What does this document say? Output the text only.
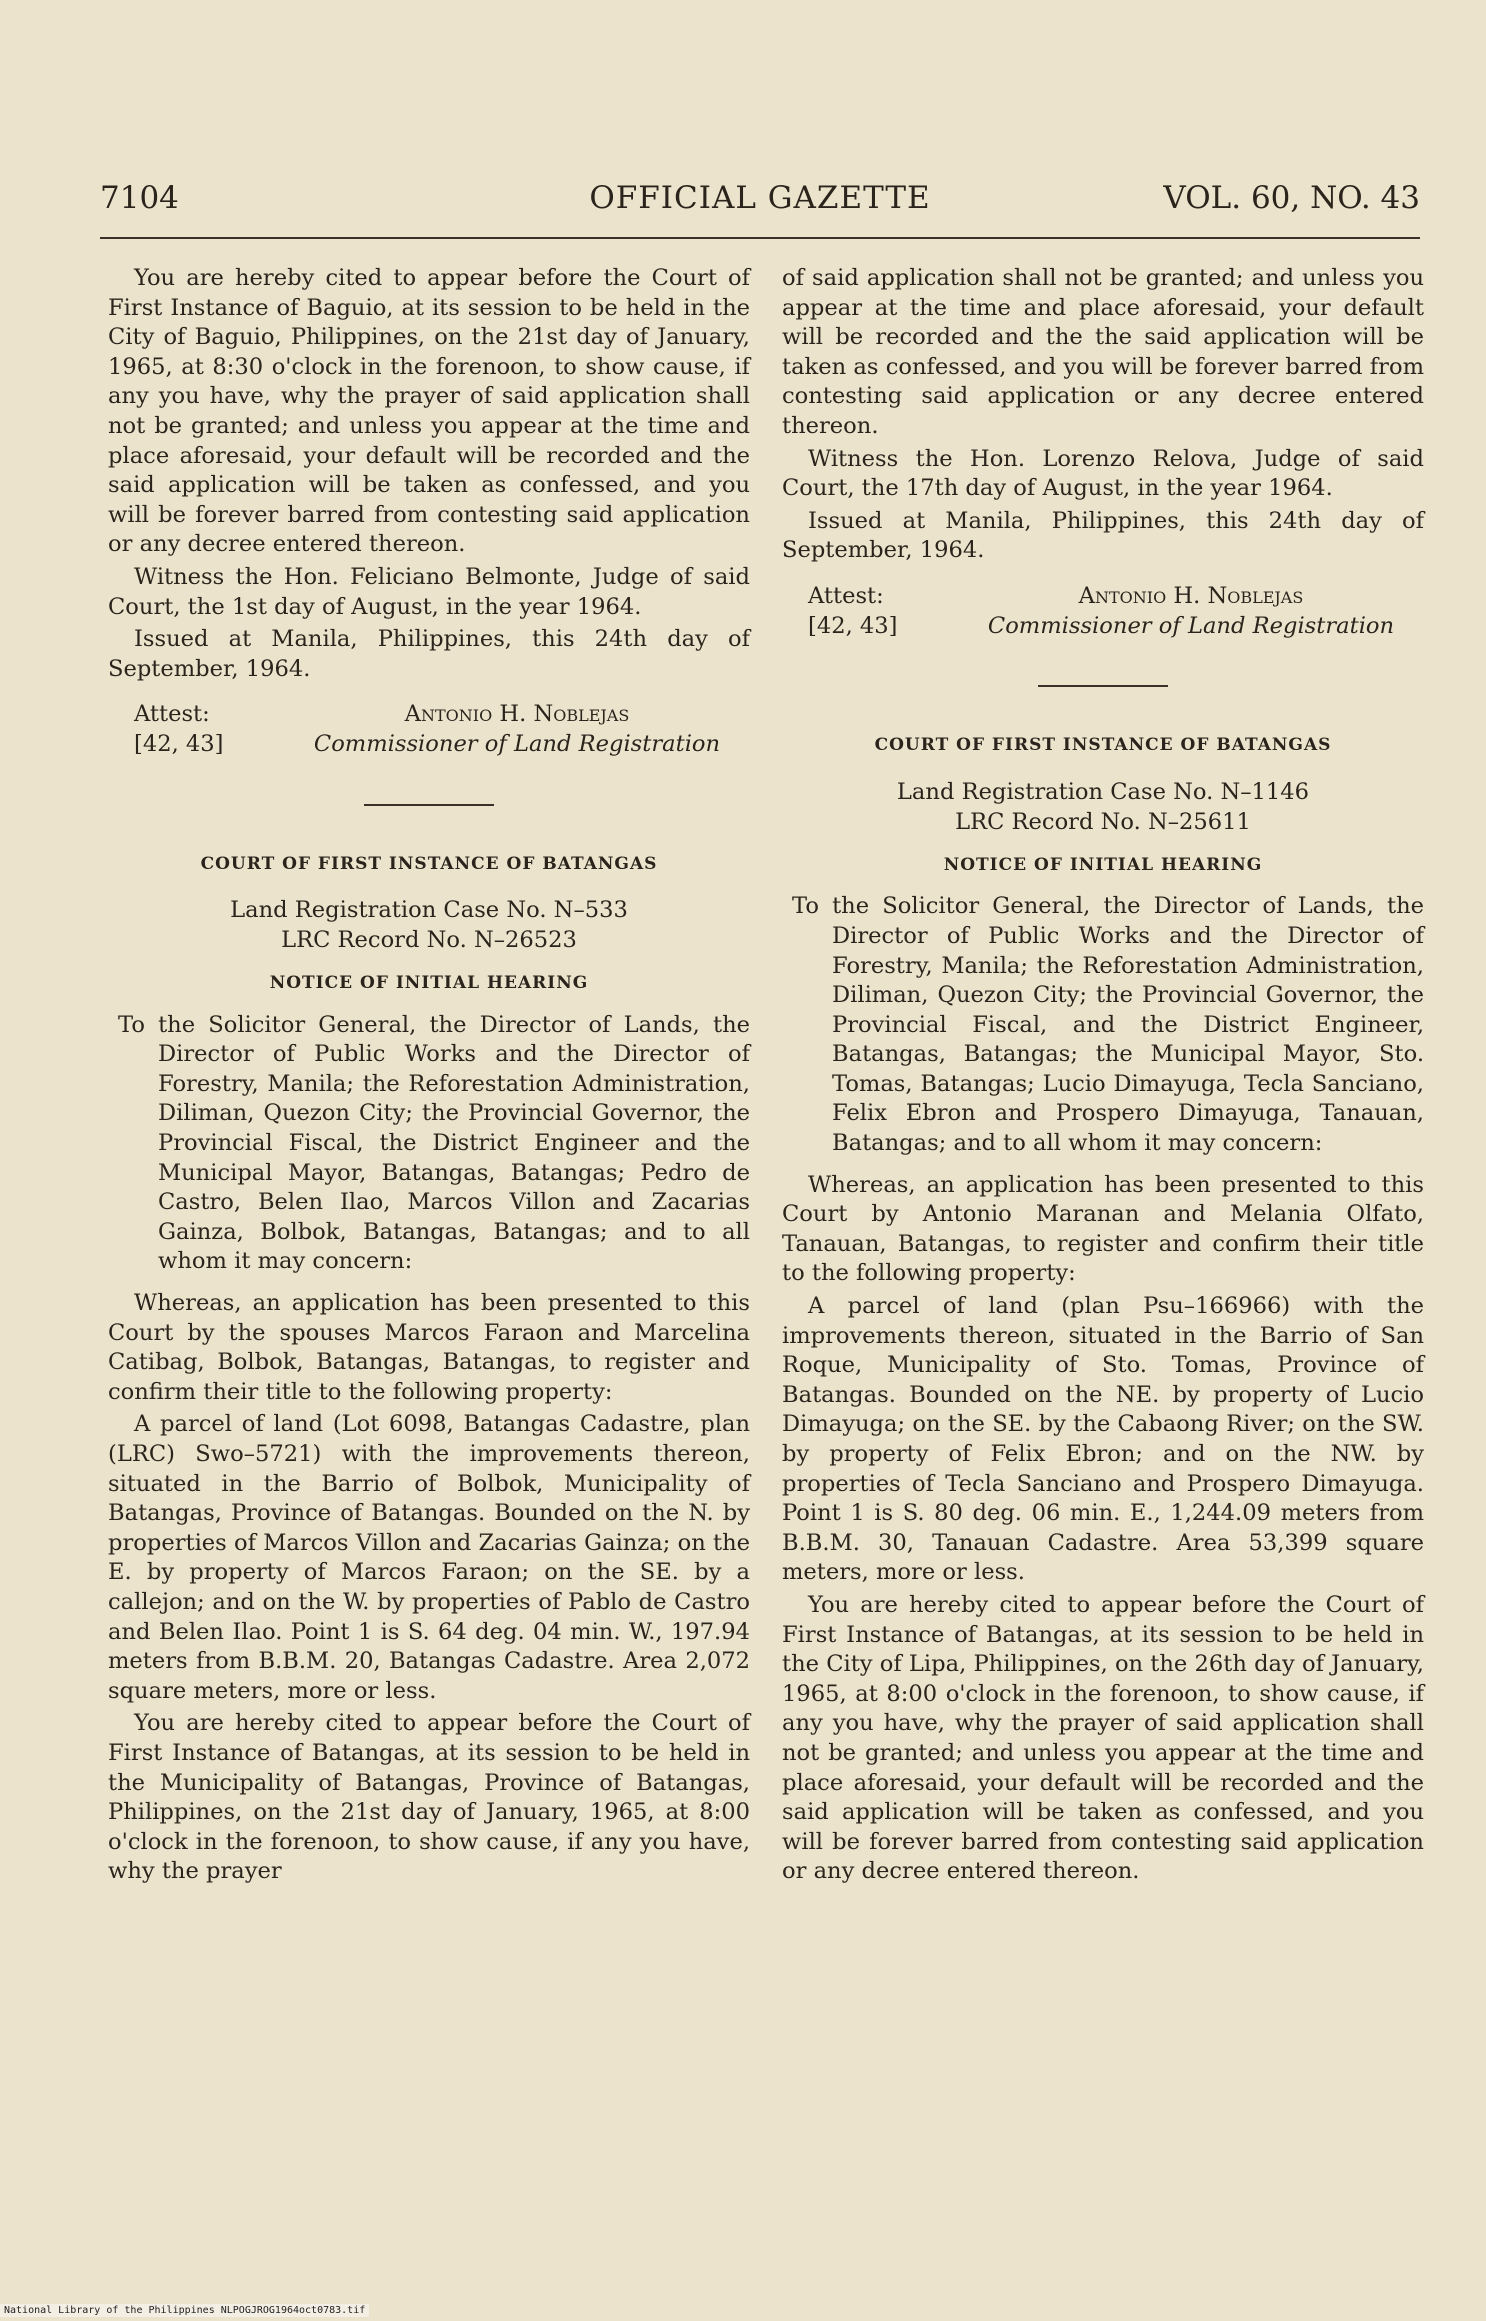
7104	OFFICIAL GAZETTE	VOL. 60, NO. 43

You are hereby cited to appear before the Court of First Instance of Baguio, at its session to be held in the City of Baguio, Philippines, on the 21st day of January, 1965, at 8:30 o'clock in the forenoon, to show cause, if any you have, why the prayer of said application shall not be granted; and unless you appear at the time and place aforesaid, your default will be recorded and the said application will be taken as confessed, and you will be forever barred from contesting said application or any decree entered thereon.

Witness the Hon. Feliciano Belmonte, Judge of said Court, the 1st day of August, in the year 1964.

Issued at Manila, Philippines, this 24th day of September, 1964.

Attest:
[42, 43]
Antonio H. Noblejas
Commissioner of Land Registration
COURT OF FIRST INSTANCE OF BATANGAS

Land Registration Case No. N–533

LRC Record No. N–26523

NOTICE OF INITIAL HEARING

To the Solicitor General, the Director of Lands, the Director of Public Works and the Director of Forestry, Manila; the Reforestation Administration, Diliman, Quezon City; the Provincial Governor, the Provincial Fiscal, the District Engineer and the Municipal Mayor, Batangas, Batangas; Pedro de Castro, Belen Ilao, Marcos Villon and Zacarias Gainza, Bolbok, Batangas, Batangas; and to all whom it may concern:

Whereas, an application has been presented to this Court by the spouses Marcos Faraon and Marcelina Catibag, Bolbok, Batangas, Batangas, to register and confirm their title to the following property:

A parcel of land (Lot 6098, Batangas Cadastre, plan (LRC) Swo–5721) with the improvements thereon, situated in the Barrio of Bolbok, Municipality of Batangas, Province of Batangas. Bounded on the N. by properties of Marcos Villon and Zacarias Gainza; on the E. by property of Marcos Faraon; on the SE. by a callejon; and on the W. by properties of Pablo de Castro and Belen Ilao. Point 1 is S. 64 deg. 04 min. W., 197.94 meters from B.B.M. 20, Batangas Cadastre. Area 2,072 square meters, more or less.

You are hereby cited to appear before the Court of First Instance of Batangas, at its session to be held in the Municipality of Batangas, Province of Batangas, Philippines, on the 21st day of January, 1965, at 8:00 o'clock in the forenoon, to show cause, if any you have, why the prayer

of said application shall not be granted; and unless you appear at the time and place aforesaid, your default will be recorded and the the said application will be taken as confessed, and you will be forever barred from contesting said application or any decree entered thereon.

Witness the Hon. Lorenzo Relova, Judge of said Court, the 17th day of August, in the year 1964.

Issued at Manila, Philippines, this 24th day of September, 1964.

Attest:
[42, 43]
Antonio H. Noblejas
Commissioner of Land Registration
COURT OF FIRST INSTANCE OF BATANGAS

Land Registration Case No. N–1146

LRC Record No. N–25611

NOTICE OF INITIAL HEARING

To the Solicitor General, the Director of Lands, the Director of Public Works and the Director of Forestry, Manila; the Reforestation Administration, Diliman, Quezon City; the Provincial Governor, the Provincial Fiscal, and the District Engineer, Batangas, Batangas; the Municipal Mayor, Sto. Tomas, Batangas; Lucio Dimayuga, Tecla Sanciano, Felix Ebron and Prospero Dimayuga, Tanauan, Batangas; and to all whom it may concern:

Whereas, an application has been presented to this Court by Antonio Maranan and Melania Olfato, Tanauan, Batangas, to register and confirm their title to the following property:

A parcel of land (plan Psu–166966) with the improvements thereon, situated in the Barrio of San Roque, Municipality of Sto. Tomas, Province of Batangas. Bounded on the NE. by property of Lucio Dimayuga; on the SE. by the Cabaong River; on the SW. by property of Felix Ebron; and on the NW. by properties of Tecla Sanciano and Prospero Dimayuga. Point 1 is S. 80 deg. 06 min. E., 1,244.09 meters from B.B.M. 30, Tanauan Cadastre. Area 53,399 square meters, more or less.

You are hereby cited to appear before the Court of First Instance of Batangas, at its session to be held in the City of Lipa, Philippines, on the 26th day of January, 1965, at 8:00 o'clock in the forenoon, to show cause, if any you have, why the prayer of said application shall not be granted; and unless you appear at the time and place aforesaid, your default will be recorded and the said application will be taken as confessed, and you will be forever barred from contesting said application or any decree entered thereon.

National Library of the Philippines NLPOGJROG1964oct0783.tif
